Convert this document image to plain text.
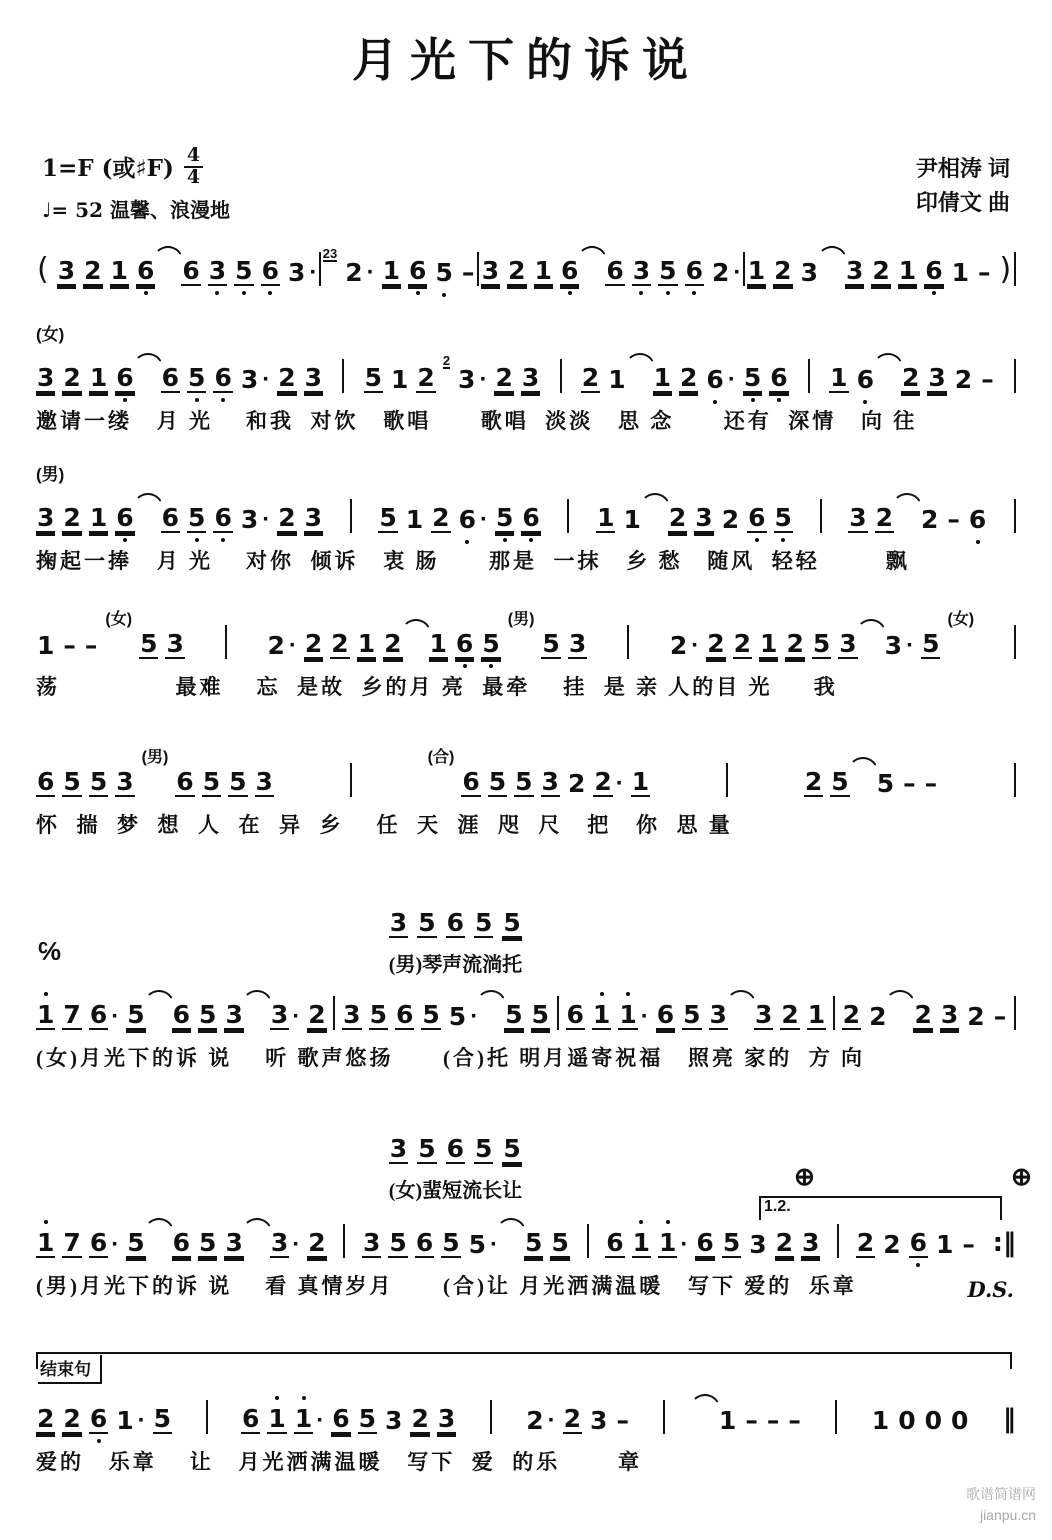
月光下的诉说
1=F (或♯F)
4
4
♩= 52 温馨、浪漫地
尹相涛 词
印倩文 曲
( 3 2 1 6 6 3 5 6 3 ·
23
2 · 1 6 5 – 3 2 1 6 6 3 5 6 2 · 1 2 3 3 2 1 6 1 – )
(女)
3 2 1 6 6 5 6 3 · 2 3 5 1 2
2
3 · 2 3 2 1 1 2 6 · 5 6 1 6 2 3 2 –
邀请一缕   月 光    和我  对饮   歌唱      歌唱  淡淡   思 念      还有  深情   向 往
(男)
3 2 1 6 6 5 6 3 · 2 3 5 1 2 6 · 5 6 1 1 2 3 2 6 5 3 2 2 – 6
掬起一捧   月 光    对你  倾诉   衷 肠      那是  一抹   乡 愁   随风  轻轻        飘
1 – –
(女)
5 3	2 · 2 2 1 2 1 6 5
(男)
5 3	2 · 2 2 1 2 5 3 3 · 5
(女)
荡              最难    忘  是故  乡的月 亮  最牵    挂  是 亲 人的目 光     我
6 5 5 3
(男)
6 5 5 3
(合)
6 5 5 3 2 2 · 1	2 5 5 – –
怀  揣  梦  想  人  在  异  乡    任  天  涯  咫  尺   把   你  思 量
℅
3 5 6 5 5
(男)琴声流淌托
1 7 6 · 5 6 5 3 3 · 2 3 5 6 5 5 · 5 5 6 1 1 · 6 5 3 3 2 1 2 2 2 3 2 –
(女)月光下的诉 说    听 歌声悠扬      (合)托 明月遥寄祝福   照亮 家的  方 向
3 5 6 5 5
(女)蜚短流长让	⊕	⊕
1.2.
1 7 6 · 5 6 5 3 3 · 2 3 5 6 5 5 · 5 5 6 1 1 · 6 5 3 2 3 2 2 6 1 – :‖
(男)月光下的诉 说    看 真情岁月      (合)让 月光洒满温暖   写下 爱的  乐章	D.S.
结束句
2 2 6 1 · 5	6 1 1 · 6 5 3 2 3	2 · 2 3 –	1 – – –	1 0 0 0 ‖
爱的   乐章    让   月光洒满温暖   写下  爱  的乐       章
歌谱简谱网
jianpu.cn
